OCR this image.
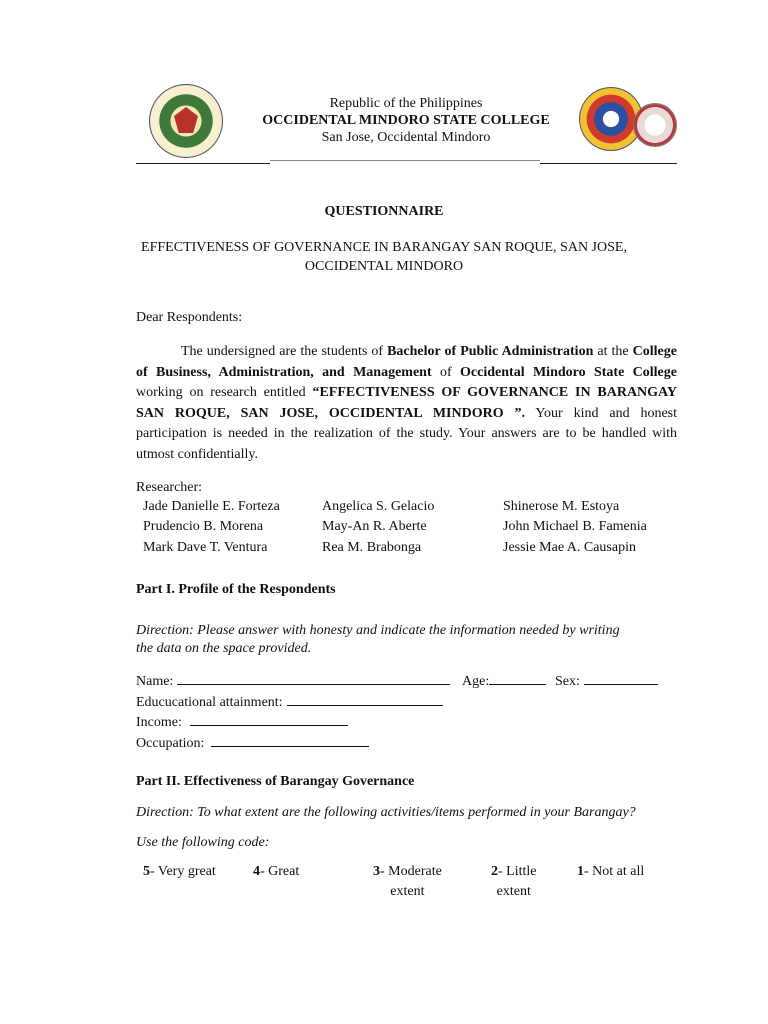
Republic of the Philippines
OCCIDENTAL MINDORO STATE COLLEGE
San Jose, Occidental Mindoro
QUESTIONNAIRE
EFFECTIVENESS OF GOVERNANCE IN BARANGAY SAN ROQUE, SAN JOSE,
OCCIDENTAL MINDORO
Dear Respondents:

The undersigned are the students of Bachelor of Public Administration at the College of Business, Administration, and Management of Occidental Mindoro State College working on research entitled “EFFECTIVENESS OF GOVERNANCE IN BARANGAY SAN ROQUE, SAN JOSE, OCCIDENTAL MINDORO ”. Your kind and honest participation is needed in the realization of the study. Your answers are to be handled with utmost confidentially.

Researcher:
Jade Danielle E. Forteza	Angelica S. Gelacio	Shinerose M. Estoya
Prudencio B. Morena	May-An R. Aberte	John Michael B. Famenia
Mark Dave T. Ventura	Rea M. Brabonga	Jessie Mae A. Causapin
Part I. Profile of the Respondents
Direction: Please answer with honesty and indicate the information needed by writing
the data on the space provided.
Name:	Age:	Sex:
Educucational attainment:
Income:
Occupation:
Part II. Effectiveness of Barangay Governance
Direction: To what extent are the following activities/items performed in your Barangay?
Use the following code:
5- Very great	4- Great	3- Moderate
extent
2- Little
extent
1- Not at all
